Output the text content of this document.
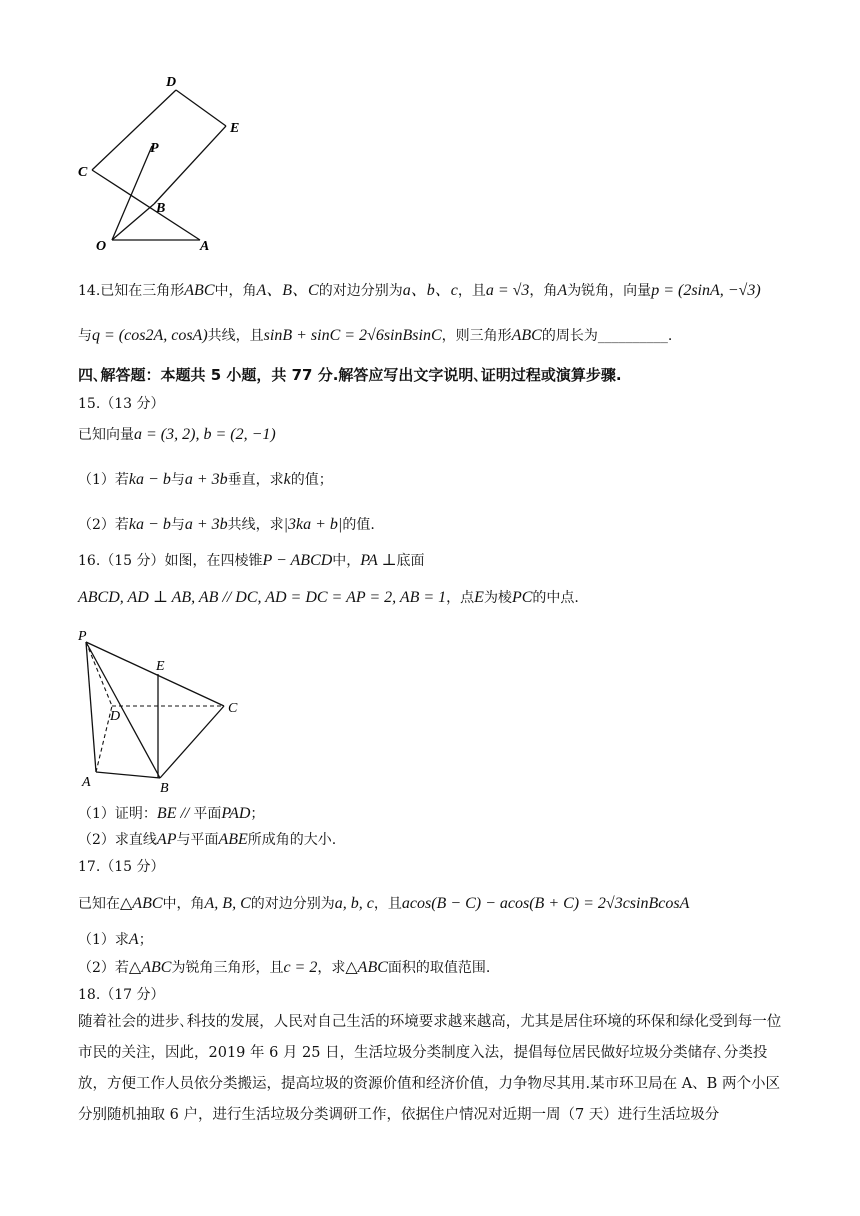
D
E
C
P
B
O	A
14.已知在三角形ABC中，角A、B、C的对边分别为a、b、c，且a = √3，角A为锐角，向量p = (2sinA, −√3)
与q = (cos2A, cosA)共线，且sinB + sinC = 2√6sinBsinC，则三角形ABC的周长为__________.
四､解答题：本题共 5 小题，共 77 分.解答应写出文字说明､证明过程或演算步骤.
15.（13 分）
已知向量a = (3, 2), b = (2, −1)
（1）若ka − b与a + 3b垂直，求k的值；
（2）若ka − b与a + 3b共线，求|3ka + b|的值.
16.（15 分）如图，在四棱锥P − ABCD中，PA ⊥底面
ABCD, AD ⊥ AB, AB // DC, AD = DC = AP = 2, AB = 1，点E为棱PC的中点.
P
E
D
C
A	B
（1）证明：BE // 平面PAD；
（2）求直线AP与平面ABE所成角的大小.
17.（15 分）
已知在△ABC中，角A, B, C的对边分别为a, b, c，且acos(B − C) − acos(B + C) = 2√3csinBcosA
（1）求A；
（2）若△ABC为锐角三角形，且c = 2，求△ABC面积的取值范围.
18.（17 分）
随着社会的进步､科技的发展，人民对自己生活的环境要求越来越高，尤其是居住环境的环保和绿化受到每一位市民的关注，因此，2019 年 6 月 25 日，生活垃圾分类制度入法，提倡每位居民做好垃圾分类储存､分类投放，方便工作人员依分类搬运，提高垃圾的资源价值和经济价值，力争物尽其用.某市环卫局在 A、B 两个小区分别随机抽取 6 户，进行生活垃圾分类调研工作，依据住户情况对近期一周（7 天）进行生活垃圾分
